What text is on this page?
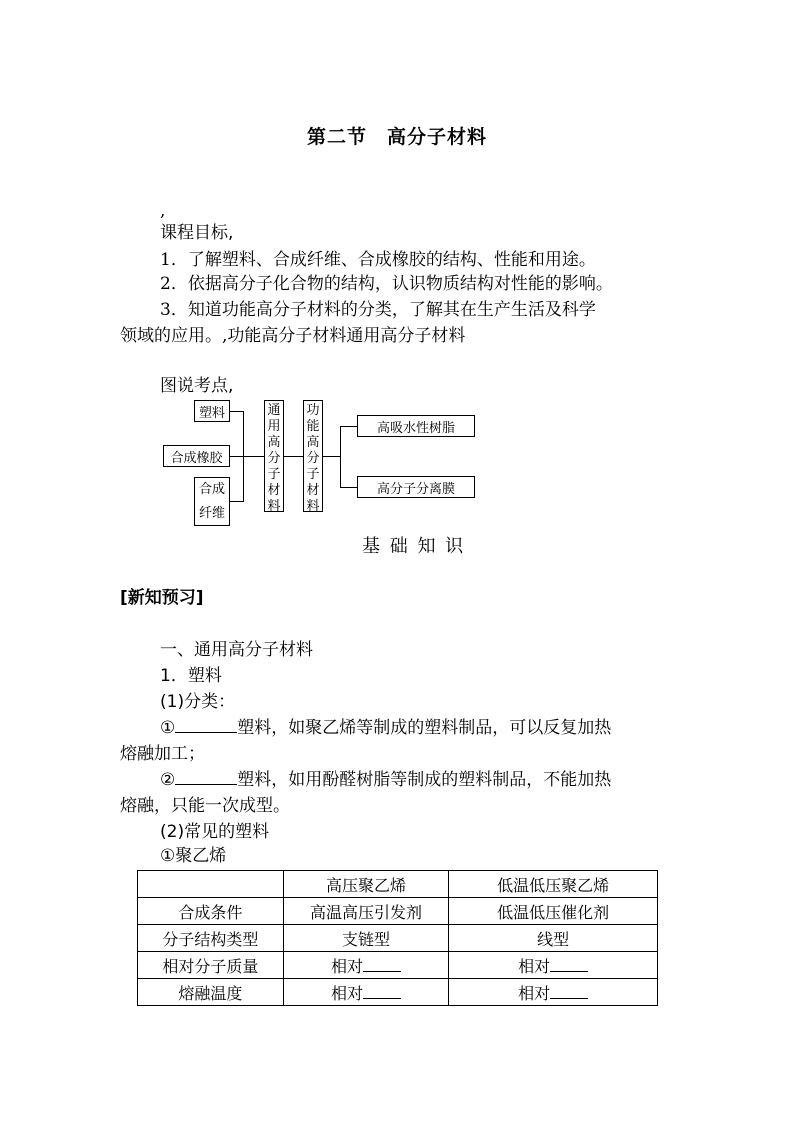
第二节　高分子材料
,
课程目标,
1．了解塑料、合成纤维、合成橡胶的结构、性能和用途。
2．依据高分子化合物的结构，认识物质结构对性能的影响。
3．知道功能高分子材料的分类，了解其在生产生活及科学
领域的应用。,功能高分子材料通用高分子材料
图说考点,
塑料
合成橡胶
合成
纤维
通
用
高
分
子
材
料
功
能
高
分
子
材
料
高吸水性树脂
高分子分离膜
基 础 知 识
[新知预习]
一、通用高分子材料
1．塑料
(1)分类：
①	塑料，如聚乙烯等制成的塑料制品，可以反复加热
熔融加工；
②	塑料，如用酚醛树脂等制成的塑料制品，不能加热
熔融，只能一次成型。
(2)常见的塑料
①聚乙烯
	高压聚乙烯	低温低压聚乙烯
合成条件	高温高压引发剂	低温低压催化剂
分子结构类型	支链型	线型
相对分子质量	相对	相对
熔融温度	相对	相对
